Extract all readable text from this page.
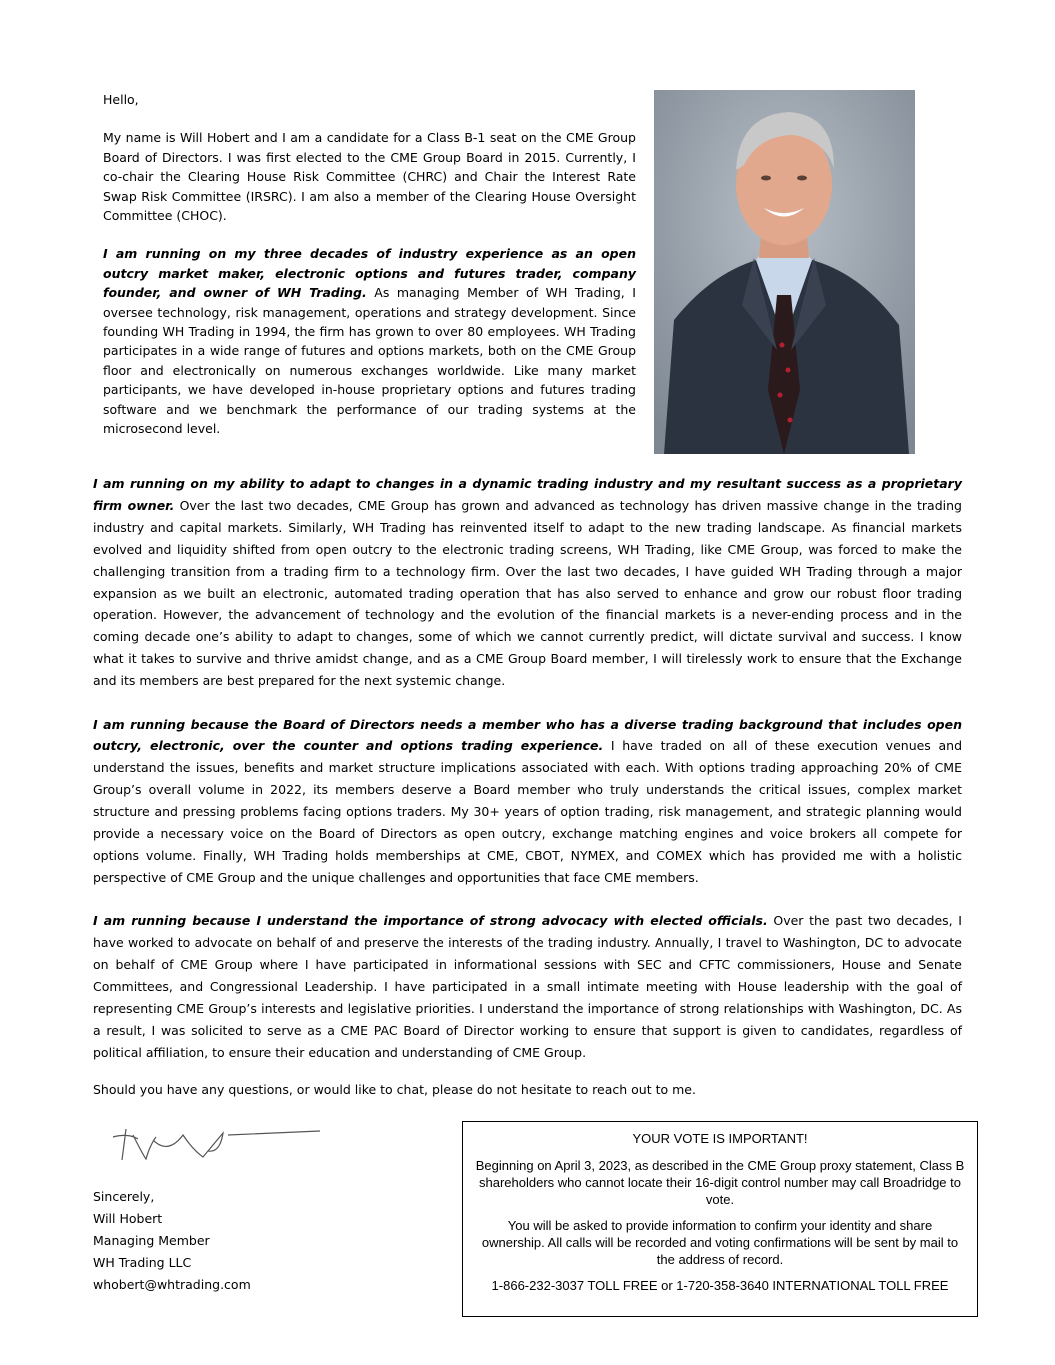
Hello,

My name is Will Hobert and I am a candidate for a Class B-1 seat on the CME Group Board of Directors. I was first elected to the CME Group Board in 2015. Currently, I co-chair the Clearing House Risk Committee (CHRC) and Chair the Interest Rate Swap Risk Committee (IRSRC). I am also a member of the Clearing House Oversight Committee (CHOC).

I am running on my three decades of industry experience as an open outcry market maker, electronic options and futures trader, company founder, and owner of WH Trading. As managing Member of WH Trading, I oversee technology, risk management, operations and strategy development. Since founding WH Trading in 1994, the firm has grown to over 80 employees. WH Trading participates in a wide range of futures and options markets, both on the CME Group floor and electronically on numerous exchanges worldwide. Like many market participants, we have developed in-house proprietary options and futures trading software and we benchmark the performance of our trading systems at the microsecond level.

I am running on my ability to adapt to changes in a dynamic trading industry and my resultant success as a proprietary firm owner. Over the last two decades, CME Group has grown and advanced as technology has driven massive change in the trading industry and capital markets. Similarly, WH Trading has reinvented itself to adapt to the new trading landscape. As financial markets evolved and liquidity shifted from open outcry to the electronic trading screens, WH Trading, like CME Group, was forced to make the challenging transition from a trading firm to a technology firm. Over the last two decades, I have guided WH Trading through a major expansion as we built an electronic, automated trading operation that has also served to enhance and grow our robust floor trading operation. However, the advancement of technology and the evolution of the financial markets is a never-ending process and in the coming decade one’s ability to adapt to changes, some of which we cannot currently predict, will dictate survival and success. I know what it takes to survive and thrive amidst change, and as a CME Group Board member, I will tirelessly work to ensure that the Exchange and its members are best prepared for the next systemic change.

I am running because the Board of Directors needs a member who has a diverse trading background that includes open outcry, electronic, over the counter and options trading experience. I have traded on all of these execution venues and understand the issues, benefits and market structure implications associated with each. With options trading approaching 20% of CME Group’s overall volume in 2022, its members deserve a Board member who truly understands the critical issues, complex market structure and pressing problems facing options traders. My 30+ years of option trading, risk management, and strategic planning would provide a necessary voice on the Board of Directors as open outcry, exchange matching engines and voice brokers all compete for options volume. Finally, WH Trading holds memberships at CME, CBOT, NYMEX, and COMEX which has provided me with a holistic perspective of CME Group and the unique challenges and opportunities that face CME members.

I am running because I understand the importance of strong advocacy with elected officials. Over the past two decades, I have worked to advocate on behalf of and preserve the interests of the trading industry. Annually, I travel to Washington, DC to advocate on behalf of CME Group where I have participated in informational sessions with SEC and CFTC commissioners, House and Senate Committees, and Congressional Leadership. I have participated in a small intimate meeting with House leadership with the goal of representing CME Group’s interests and legislative priorities. I understand the importance of strong relationships with Washington, DC. As a result, I was solicited to serve as a CME PAC Board of Director working to ensure that support is given to candidates, regardless of political affiliation, to ensure their education and understanding of CME Group.

Should you have any questions, or would like to chat, please do not hesitate to reach out to me.
Sincerely,
Will Hobert
Managing Member
WH Trading LLC
whobert@whtrading.com

YOUR VOTE IS IMPORTANT!

Beginning on April 3, 2023, as described in the CME Group proxy statement, Class B shareholders who cannot locate their 16-digit control number may call Broadridge to vote.

You will be asked to provide information to confirm your identity and share ownership. All calls will be recorded and voting confirmations will be sent by mail to the address of record.

1-866-232-3037 TOLL FREE or 1-720-358-3640 INTERNATIONAL TOLL FREE
